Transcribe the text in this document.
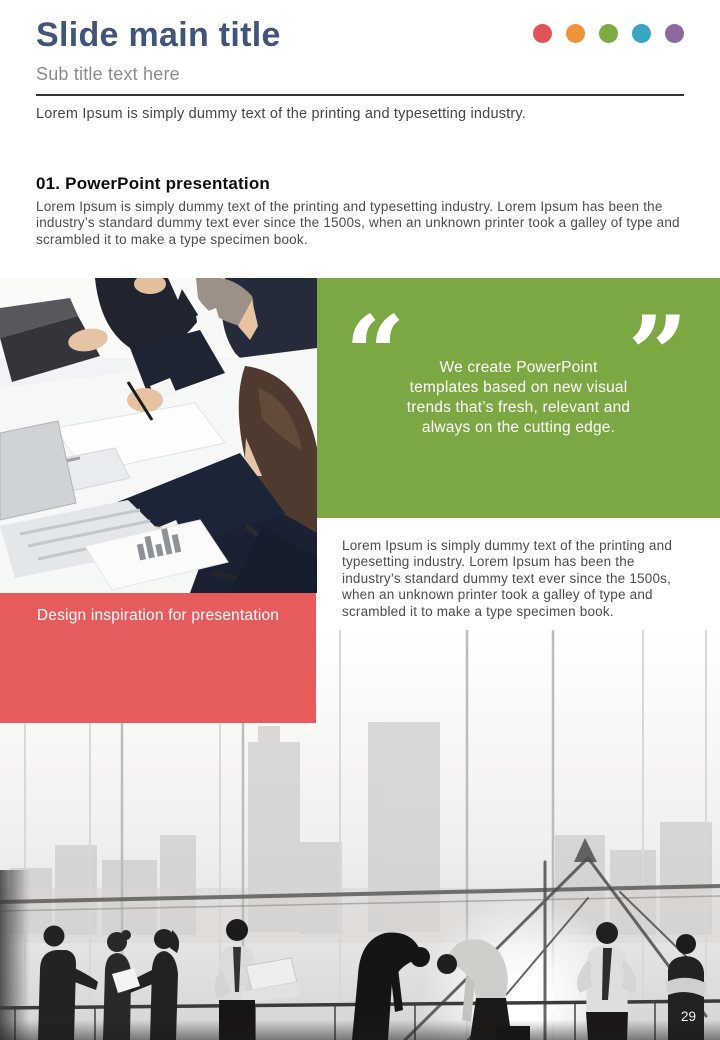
Slide main title
Sub title text here
Lorem Ipsum is simply dummy text of the printing and typesetting industry.
01. PowerPoint presentation
Lorem Ipsum is simply dummy text of the printing and typesetting industry. Lorem Ipsum has been the industry’s standard dummy text ever since the 1500s, when an unknown printer took a galley of type and scrambled it to make a type specimen book.
“	We create PowerPoint templates based on new visual trends that’s fresh, relevant and always on the cutting edge.
”
Lorem Ipsum is simply dummy text of the printing and typesetting industry. Lorem Ipsum has been the industry’s standard dummy text ever since the 1500s, when an unknown printer took a galley of type and scrambled it to make a type specimen book.
Design inspiration for presentation
29
